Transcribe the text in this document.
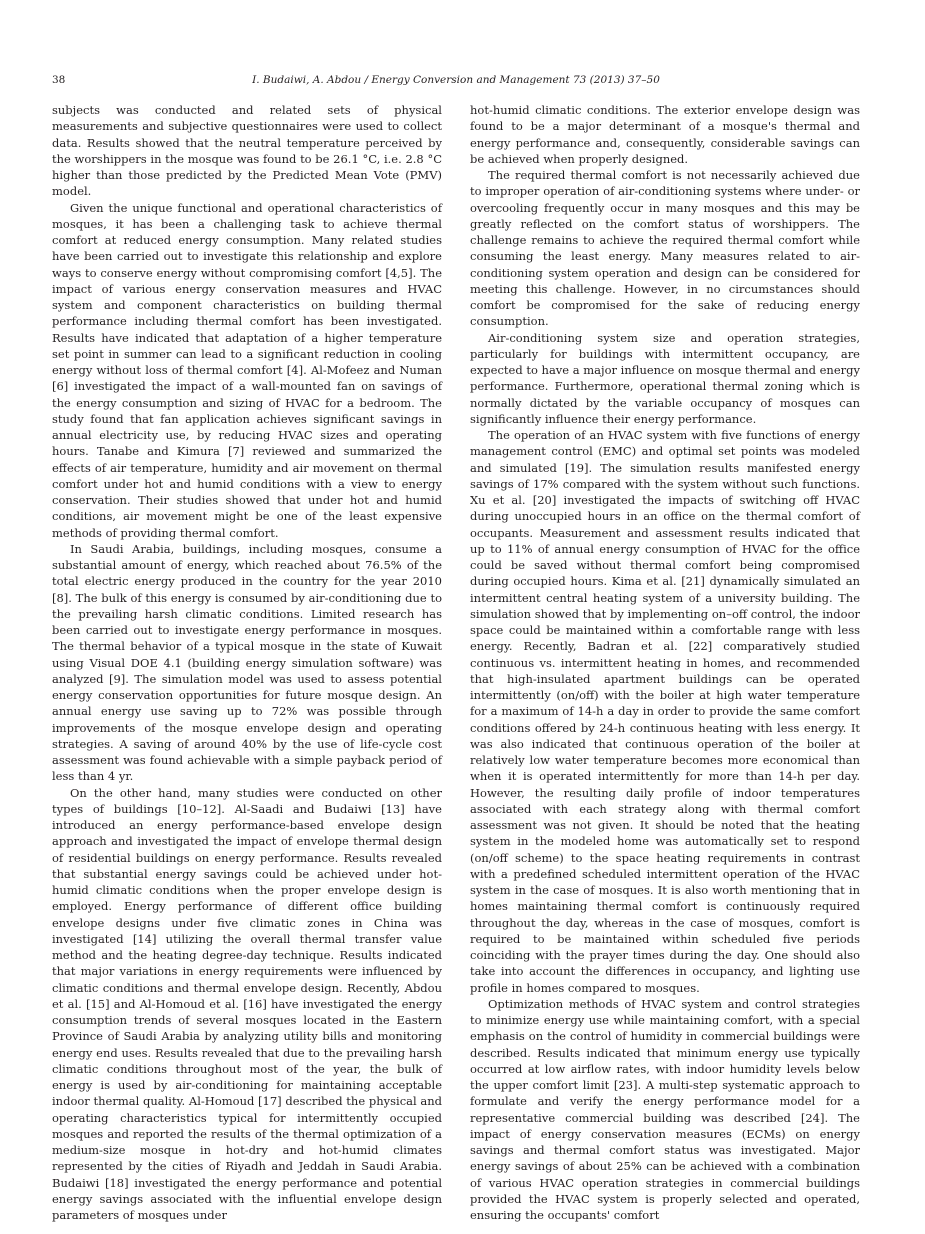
38	I. Budaiwi, A. Abdou / Energy Conversion and Management 73 (2013) 37–50

subjects was conducted and related sets of physical measurements and subjective questionnaires were used to collect data. Results showed that the neutral temperature perceived by the worshippers in the mosque was found to be 26.1 °C, i.e. 2.8 °C higher than those predicted by the Predicted Mean Vote (PMV) model.

Given the unique functional and operational characteristics of mosques, it has been a challenging task to achieve thermal comfort at reduced energy consumption. Many related studies have been carried out to investigate this relationship and explore ways to conserve energy without compromising comfort [4,5]. The impact of various energy conservation measures and HVAC system and component characteristics on building thermal performance including thermal comfort has been investigated. Results have indicated that adaptation of a higher temperature set point in summer can lead to a significant reduction in cooling energy without loss of thermal comfort [4]. Al-Mofeez and Numan [6] investigated the impact of a wall-mounted fan on savings of the energy consumption and sizing of HVAC for a bedroom. The study found that fan application achieves significant savings in annual electricity use, by reducing HVAC sizes and operating hours. Tanabe and Kimura [7] reviewed and summarized the effects of air temperature, humidity and air movement on thermal comfort under hot and humid conditions with a view to energy conservation. Their studies showed that under hot and humid conditions, air movement might be one of the least expensive methods of providing thermal comfort.

In Saudi Arabia, buildings, including mosques, consume a substantial amount of energy, which reached about 76.5% of the total electric energy produced in the country for the year 2010 [8]. The bulk of this energy is consumed by air-conditioning due to the prevailing harsh climatic conditions. Limited research has been carried out to investigate energy performance in mosques. The thermal behavior of a typical mosque in the state of Kuwait using Visual DOE 4.1 (building energy simulation software) was analyzed [9]. The simulation model was used to assess potential energy conservation opportunities for future mosque design. An annual energy use saving up to 72% was possible through improvements of the mosque envelope design and operating strategies. A saving of around 40% by the use of life-cycle cost assessment was found achievable with a simple payback period of less than 4 yr.

On the other hand, many studies were conducted on other types of buildings [10–12]. Al-Saadi and Budaiwi [13] have introduced an energy performance-based envelope design approach and investigated the impact of envelope thermal design of residential buildings on energy performance. Results revealed that substantial energy savings could be achieved under hot-humid climatic conditions when the proper envelope design is employed. Energy performance of different office building envelope designs under five climatic zones in China was investigated [14] utilizing the overall thermal transfer value method and the heating degree-day technique. Results indicated that major variations in energy requirements were influenced by climatic conditions and thermal envelope design. Recently, Abdou et al. [15] and Al-Homoud et al. [16] have investigated the energy consumption trends of several mosques located in the Eastern Province of Saudi Arabia by analyzing utility bills and monitoring energy end uses. Results revealed that due to the prevailing harsh climatic conditions throughout most of the year, the bulk of energy is used by air-conditioning for maintaining acceptable indoor thermal quality. Al-Homoud [17] described the physical and operating characteristics typical for intermittently occupied mosques and reported the results of the thermal optimization of a medium-size mosque in hot-dry and hot-humid climates represented by the cities of Riyadh and Jeddah in Saudi Arabia. Budaiwi [18] investigated the energy performance and potential energy savings associated with the influential envelope design parameters of mosques under

hot-humid climatic conditions. The exterior envelope design was found to be a major determinant of a mosque's thermal and energy performance and, consequently, considerable savings can be achieved when properly designed.

The required thermal comfort is not necessarily achieved due to improper operation of air-conditioning systems where under- or overcooling frequently occur in many mosques and this may be greatly reflected on the comfort status of worshippers. The challenge remains to achieve the required thermal comfort while consuming the least energy. Many measures related to air-conditioning system operation and design can be considered for meeting this challenge. However, in no circumstances should comfort be compromised for the sake of reducing energy consumption.

Air-conditioning system size and operation strategies, particularly for buildings with intermittent occupancy, are expected to have a major influence on mosque thermal and energy performance. Furthermore, operational thermal zoning which is normally dictated by the variable occupancy of mosques can significantly influence their energy performance.

The operation of an HVAC system with five functions of energy management control (EMC) and optimal set points was modeled and simulated [19]. The simulation results manifested energy savings of 17% compared with the system without such functions. Xu et al. [20] investigated the impacts of switching off HVAC during unoccupied hours in an office on the thermal comfort of occupants. Measurement and assessment results indicated that up to 11% of annual energy consumption of HVAC for the office could be saved without thermal comfort being compromised during occupied hours. Kima et al. [21] dynamically simulated an intermittent central heating system of a university building. The simulation showed that by implementing on–off control, the indoor space could be maintained within a comfortable range with less energy. Recently, Badran et al. [22] comparatively studied continuous vs. intermittent heating in homes, and recommended that high-insulated apartment buildings can be operated intermittently (on/off) with the boiler at high water temperature for a maximum of 14-h a day in order to provide the same comfort conditions offered by 24-h continuous heating with less energy. It was also indicated that continuous operation of the boiler at relatively low water temperature becomes more economical than when it is operated intermittently for more than 14-h per day. However, the resulting daily profile of indoor temperatures associated with each strategy along with thermal comfort assessment was not given. It should be noted that the heating system in the modeled home was automatically set to respond (on/off scheme) to the space heating requirements in contrast with a predefined scheduled intermittent operation of the HVAC system in the case of mosques. It is also worth mentioning that in homes maintaining thermal comfort is continuously required throughout the day, whereas in the case of mosques, comfort is required to be maintained within scheduled five periods coinciding with the prayer times during the day. One should also take into account the differences in occupancy, and lighting use profile in homes compared to mosques.

Optimization methods of HVAC system and control strategies to minimize energy use while maintaining comfort, with a special emphasis on the control of humidity in commercial buildings were described. Results indicated that minimum energy use typically occurred at low airflow rates, with indoor humidity levels below the upper comfort limit [23]. A multi-step systematic approach to formulate and verify the energy performance model for a representative commercial building was described [24]. The impact of energy conservation measures (ECMs) on energy savings and thermal comfort status was investigated. Major energy savings of about 25% can be achieved with a combination of various HVAC operation strategies in commercial buildings provided the HVAC system is properly selected and operated, ensuring the occupants' comfort
